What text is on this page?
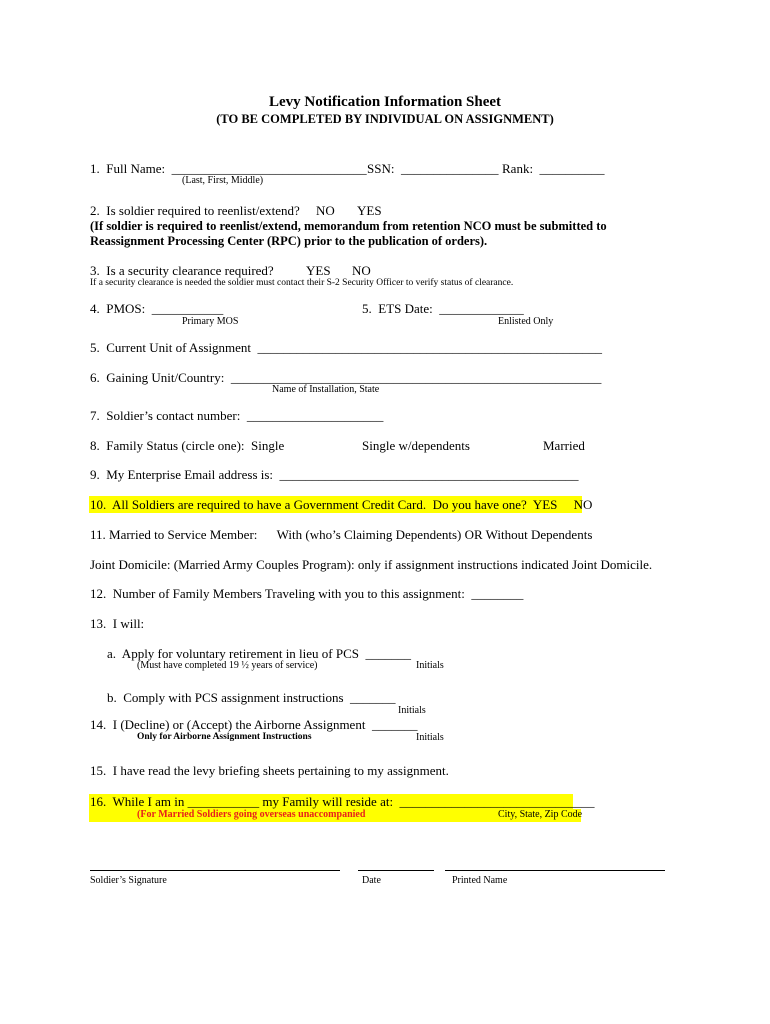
Levy Notification Information Sheet
(TO BE COMPLETED BY INDIVIDUAL ON ASSIGNMENT)
1.  Full Name:  ______________________________ SSN:  _______________ Rank:  __________
(Last, First, Middle)
2.  Is soldier required to reenlist/extend?     NO       YES
(If soldier is required to reenlist/extend, memorandum from retention NCO must be submitted to
Reassignment Processing Center (RPC) prior to the publication of orders).
3.  Is a security clearance required? YES NO
If a security clearance is needed the soldier must contact their S-2 Security Officer to verify status of clearance.
4.  PMOS:  ___________
Primary MOS
5.  ETS Date:  _____________
Enlisted Only
5.  Current Unit of Assignment  _____________________________________________________
6.  Gaining Unit/Country:  _________________________________________________________
Name of Installation, State
7.  Soldier’s contact number:  _____________________
8.  Family Status (circle one):  Single	Single w/dependents	Married
9.  My Enterprise Email address is:  ______________________________________________
10.  All Soldiers are required to have a Government Credit Card.  Do you have one?  YES     NO
11. Married to Service Member:      With (who’s Claiming Dependents) OR Without Dependents
Joint Domicile: (Married Army Couples Program): only if assignment instructions indicated Joint Domicile.
12.  Number of Family Members Traveling with you to this assignment:  ________
13.  I will:
a.  Apply for voluntary retirement in lieu of PCS  _______
(Must have completed 19 ½ years of service)	Initials
b.  Comply with PCS assignment instructions  _______
Initials
14.  I (Decline) or (Accept) the Airborne Assignment  _______
Only for Airborne Assignment Instructions	Initials
15.  I have read the levy briefing sheets pertaining to my assignment.
16.  While I am in ___________ my Family will reside at:  ______________________________
(For Married Soldiers going overseas unaccompanied	City, State, Zip Code
Soldier’s Signature	Date	Printed Name
